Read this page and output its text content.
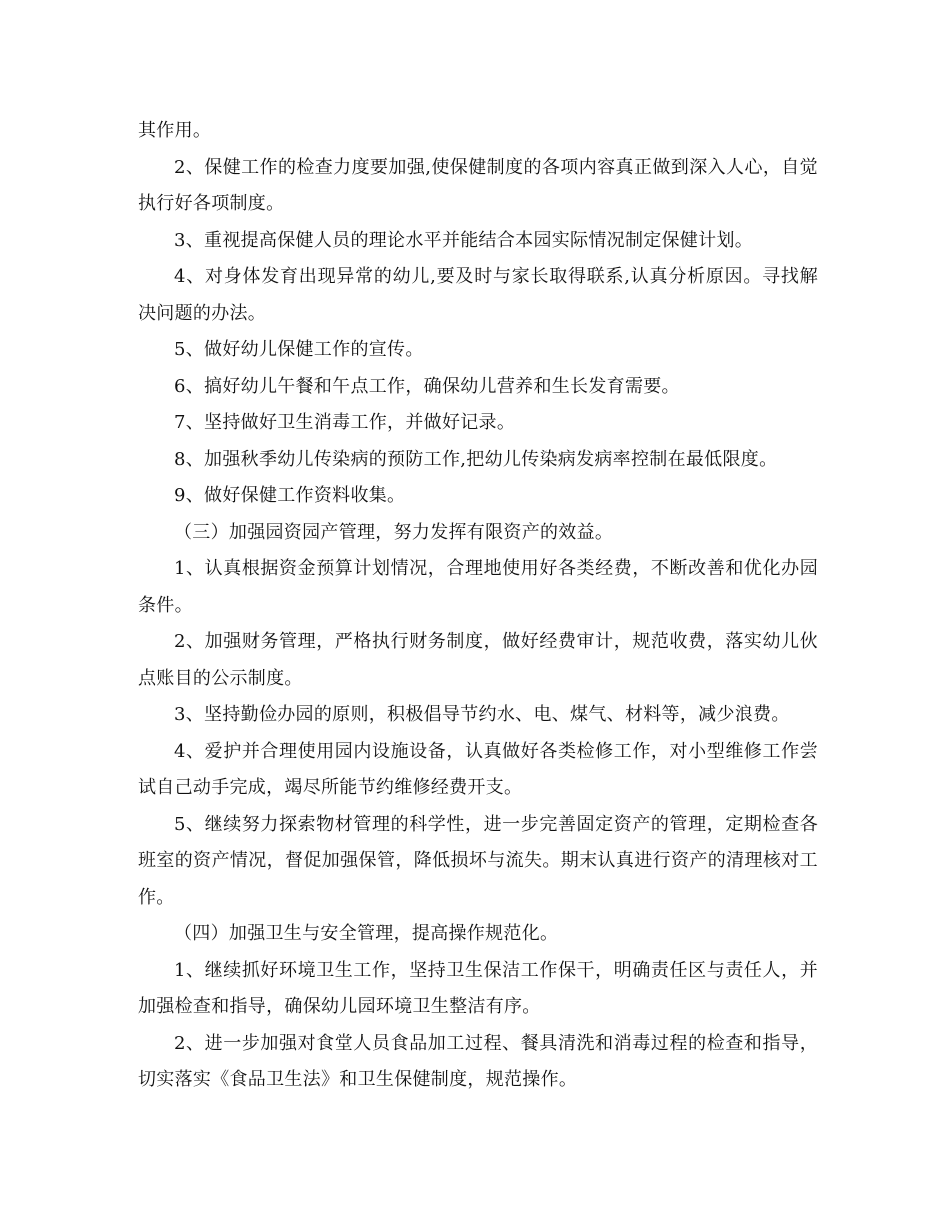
其作用。

2、保健工作的检查力度要加强,使保健制度的各项内容真正做到深入人心，自觉执行好各项制度。

3、重视提高保健人员的理论水平并能结合本园实际情况制定保健计划。

4、对身体发育出现异常的幼儿,要及时与家长取得联系,认真分析原因。寻找解决问题的办法。

5、做好幼儿保健工作的宣传。

6、搞好幼儿午餐和午点工作，确保幼儿营养和生长发育需要。

7、坚持做好卫生消毒工作，并做好记录。

8、加强秋季幼儿传染病的预防工作,把幼儿传染病发病率控制在最低限度。

9、做好保健工作资料收集。

（三）加强园资园产管理，努力发挥有限资产的效益。

1、认真根据资金预算计划情况，合理地使用好各类经费，不断改善和优化办园条件。

2、加强财务管理，严格执行财务制度，做好经费审计，规范收费，落实幼儿伙点账目的公示制度。

3、坚持勤俭办园的原则，积极倡导节约水、电、煤气、材料等，减少浪费。

4、爱护并合理使用园内设施设备，认真做好各类检修工作，对小型维修工作尝试自己动手完成，竭尽所能节约维修经费开支。

5、继续努力探索物材管理的科学性，进一步完善固定资产的管理，定期检查各班室的资产情况，督促加强保管，降低损坏与流失。期末认真进行资产的清理核对工作。

（四）加强卫生与安全管理，提高操作规范化。

1、继续抓好环境卫生工作，坚持卫生保洁工作保干，明确责任区与责任人，并加强检查和指导，确保幼儿园环境卫生整洁有序。

2、进一步加强对食堂人员食品加工过程、餐具清洗和消毒过程的检查和指导，切实落实《食品卫生法》和卫生保健制度，规范操作。
